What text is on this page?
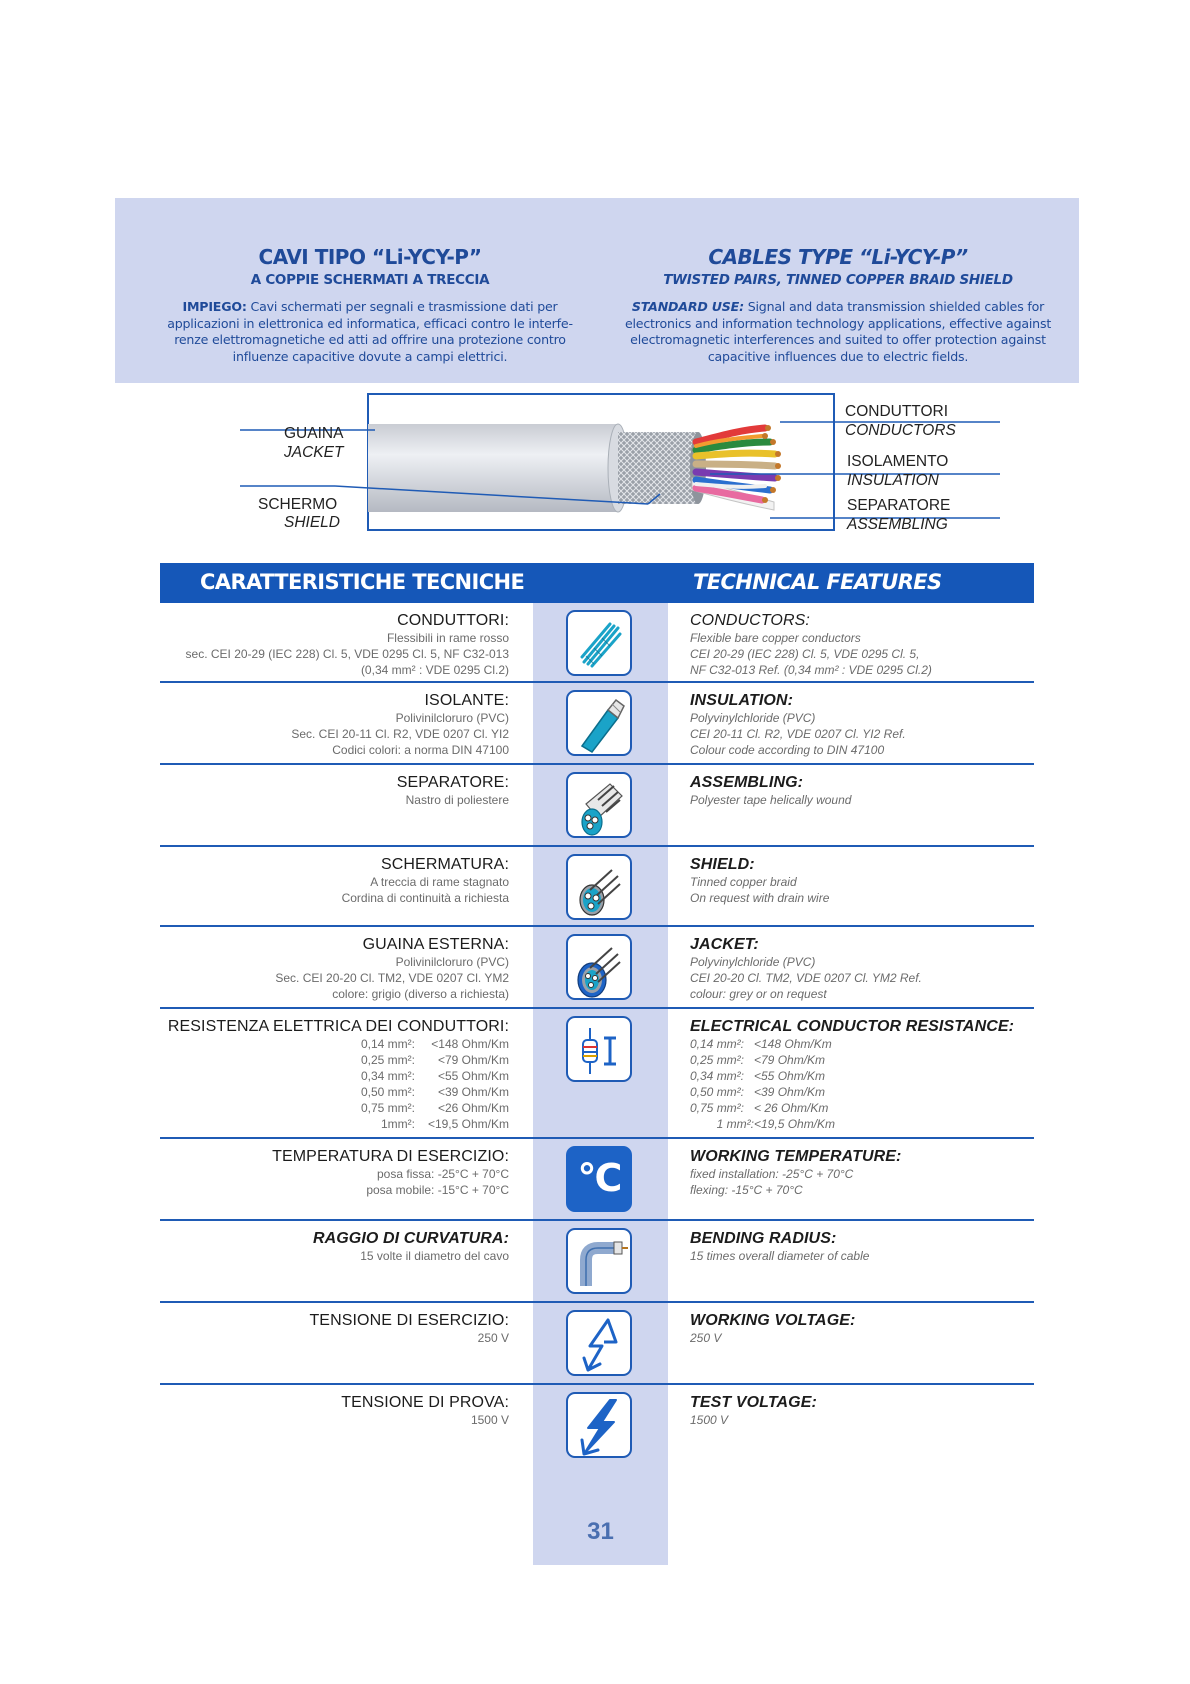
CAVI TIPO “Li-YCY-P”
A COPPIE SCHERMATI A TRECCIA
IMPIEGO: Cavi schermati per segnali e trasmissione dati per applicazioni in elettronica ed informatica, efficaci contro le interfe-renze elettromagnetiche ed atti ad offrire una protezione contro influenze capacitive dovute a campi elettrici.
CABLES TYPE “Li-YCY-P”
TWISTED PAIRS, TINNED COPPER BRAID SHIELD
STANDARD USE: Signal and data transmission shielded cables for electronics and information technology applications, effective against electromagnetic interferences and suited to offer protection against capacitive influences due to electric fields.
GUAINA
JACKET
SCHERMO
SHIELD
CONDUTTORI
CONDUCTORS
ISOLAMENTO
INSULATION
SEPARATORE
ASSEMBLING
CARATTERISTICHE TECNICHE	TECHNICAL FEATURES
CONDUTTORI:
Flessibili in rame rosso
sec. CEI 20-29 (IEC 228) Cl. 5, VDE 0295 Cl. 5, NF C32-013
(0,34 mm² : VDE 0295 Cl.2)
CONDUCTORS:
Flexible bare copper conductors
CEI 20-29 (IEC 228) Cl. 5, VDE 0295 Cl. 5,
NF C32-013 Ref. (0,34 mm² : VDE 0295 Cl.2)
ISOLANTE:
Polivinilcloruro (PVC)
Sec. CEI 20-11 Cl. R2, VDE 0207 Cl. YI2
Codici colori: a norma DIN 47100
INSULATION:
Polyvinylchloride (PVC)
CEI 20-11 Cl. R2, VDE 0207 Cl. YI2 Ref.
Colour code according to DIN 47100
SEPARATORE:
Nastro di poliestere
ASSEMBLING:
Polyester tape helically wound
SCHERMATURA:
A treccia di rame stagnato
Cordina di continuità a richiesta
SHIELD:
Tinned copper braid
On request with drain wire
GUAINA ESTERNA:
Polivinilcloruro (PVC)
Sec. CEI 20-20 Cl. TM2, VDE 0207 Cl. YM2
colore: grigio (diverso a richiesta)
JACKET:
Polyvinylchloride (PVC)
CEI 20-20 Cl. TM2, VDE 0207 Cl. YM2 Ref.
colour: grey or on request
RESISTENZA ELETTRICA DEI CONDUTTORI:
0,14 mm²:	<148 Ohm/Km
0,25 mm²:	<79 Ohm/Km
0,34 mm²:	<55 Ohm/Km
0,50 mm²:	<39 Ohm/Km
0,75 mm²:	<26 Ohm/Km
1mm²:	<19,5 Ohm/Km
ELECTRICAL CONDUCTOR RESISTANCE:
0,14 mm²: <148 Ohm/Km
0,25 mm²: <79 Ohm/Km
0,34 mm²: <55 Ohm/Km
0,50 mm²: <39 Ohm/Km
0,75 mm²: < 26 Ohm/Km
1 mm²: <19,5 Ohm/Km
TEMPERATURA DI ESERCIZIO:
posa fissa: -25°C + 70°C
posa mobile: -15°C + 70°C °C	WORKING TEMPERATURE:
fixed installation: -25°C + 70°C
flexing: -15°C + 70°C
RAGGIO DI CURVATURA:
15 volte il diametro del cavo
BENDING RADIUS:
15 times overall diameter of cable
TENSIONE DI ESERCIZIO:
250 V
WORKING VOLTAGE:
250 V
TENSIONE DI PROVA:
1500 V
TEST VOLTAGE:
1500 V
31
